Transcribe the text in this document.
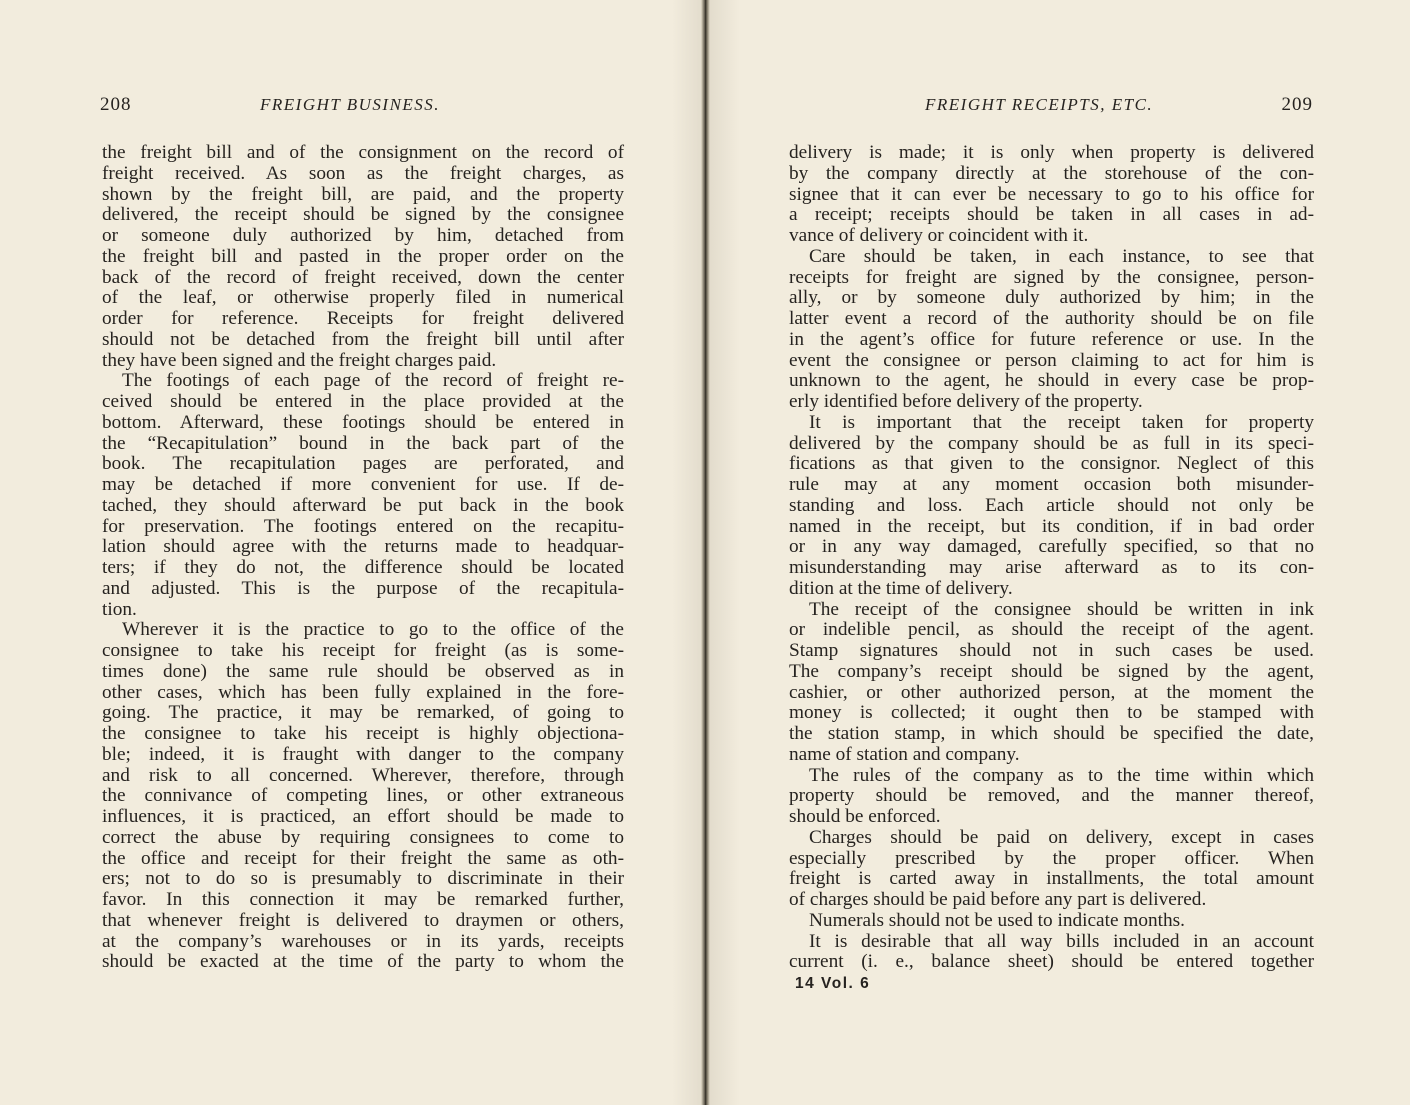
208	FREIGHT BUSINESS.
the freight bill and of the consignment on the record of
freight received. As soon as the freight charges, as
shown by the freight bill, are paid, and the property
delivered, the receipt should be signed by the consignee
or someone duly authorized by him, detached from
the freight bill and pasted in the proper order on the
back of the record of freight received, down the center
of the leaf, or otherwise properly filed in numerical
order for reference. Receipts for freight delivered
should not be detached from the freight bill until after
they have been signed and the freight charges paid.
The footings of each page of the record of freight re-
ceived should be entered in the place provided at the
bottom. Afterward, these footings should be entered in
the “Recapitulation” bound in the back part of the
book. The recapitulation pages are perforated, and
may be detached if more convenient for use. If de-
tached, they should afterward be put back in the book
for preservation. The footings entered on the recapitu-
lation should agree with the returns made to headquar-
ters; if they do not, the difference should be located
and adjusted. This is the purpose of the recapitula-
tion.
Wherever it is the practice to go to the office of the
consignee to take his receipt for freight (as is some-
times done) the same rule should be observed as in
other cases, which has been fully explained in the fore-
going. The practice, it may be remarked, of going to
the consignee to take his receipt is highly objectiona-
ble; indeed, it is fraught with danger to the company
and risk to all concerned. Wherever, therefore, through
the connivance of competing lines, or other extraneous
influences, it is practiced, an effort should be made to
correct the abuse by requiring consignees to come to
the office and receipt for their freight the same as oth-
ers; not to do so is presumably to discriminate in their
favor. In this connection it may be remarked further,
that whenever freight is delivered to draymen or others,
at the company’s warehouses or in its yards, receipts
should be exacted at the time of the party to whom the
FREIGHT RECEIPTS, ETC.	209
delivery is made; it is only when property is delivered
by the company directly at the storehouse of the con-
signee that it can ever be necessary to go to his office for
a receipt; receipts should be taken in all cases in ad-
vance of delivery or coincident with it.
Care should be taken, in each instance, to see that
receipts for freight are signed by the consignee, person-
ally, or by someone duly authorized by him; in the
latter event a record of the authority should be on file
in the agent’s office for future reference or use. In the
event the consignee or person claiming to act for him is
unknown to the agent, he should in every case be prop-
erly identified before delivery of the property.
It is important that the receipt taken for property
delivered by the company should be as full in its speci-
fications as that given to the consignor. Neglect of this
rule may at any moment occasion both misunder-
standing and loss. Each article should not only be
named in the receipt, but its condition, if in bad order
or in any way damaged, carefully specified, so that no
misunderstanding may arise afterward as to its con-
dition at the time of delivery.
The receipt of the consignee should be written in ink
or indelible pencil, as should the receipt of the agent.
Stamp signatures should not in such cases be used.
The company’s receipt should be signed by the agent,
cashier, or other authorized person, at the moment the
money is collected; it ought then to be stamped with
the station stamp, in which should be specified the date,
name of station and company.
The rules of the company as to the time within which
property should be removed, and the manner thereof,
should be enforced.
Charges should be paid on delivery, except in cases
especially prescribed by the proper officer. When
freight is carted away in installments, the total amount
of charges should be paid before any part is delivered.
Numerals should not be used to indicate months.
It is desirable that all way bills included in an account
current (i. e., balance sheet) should be entered together
14 Vol. 6
